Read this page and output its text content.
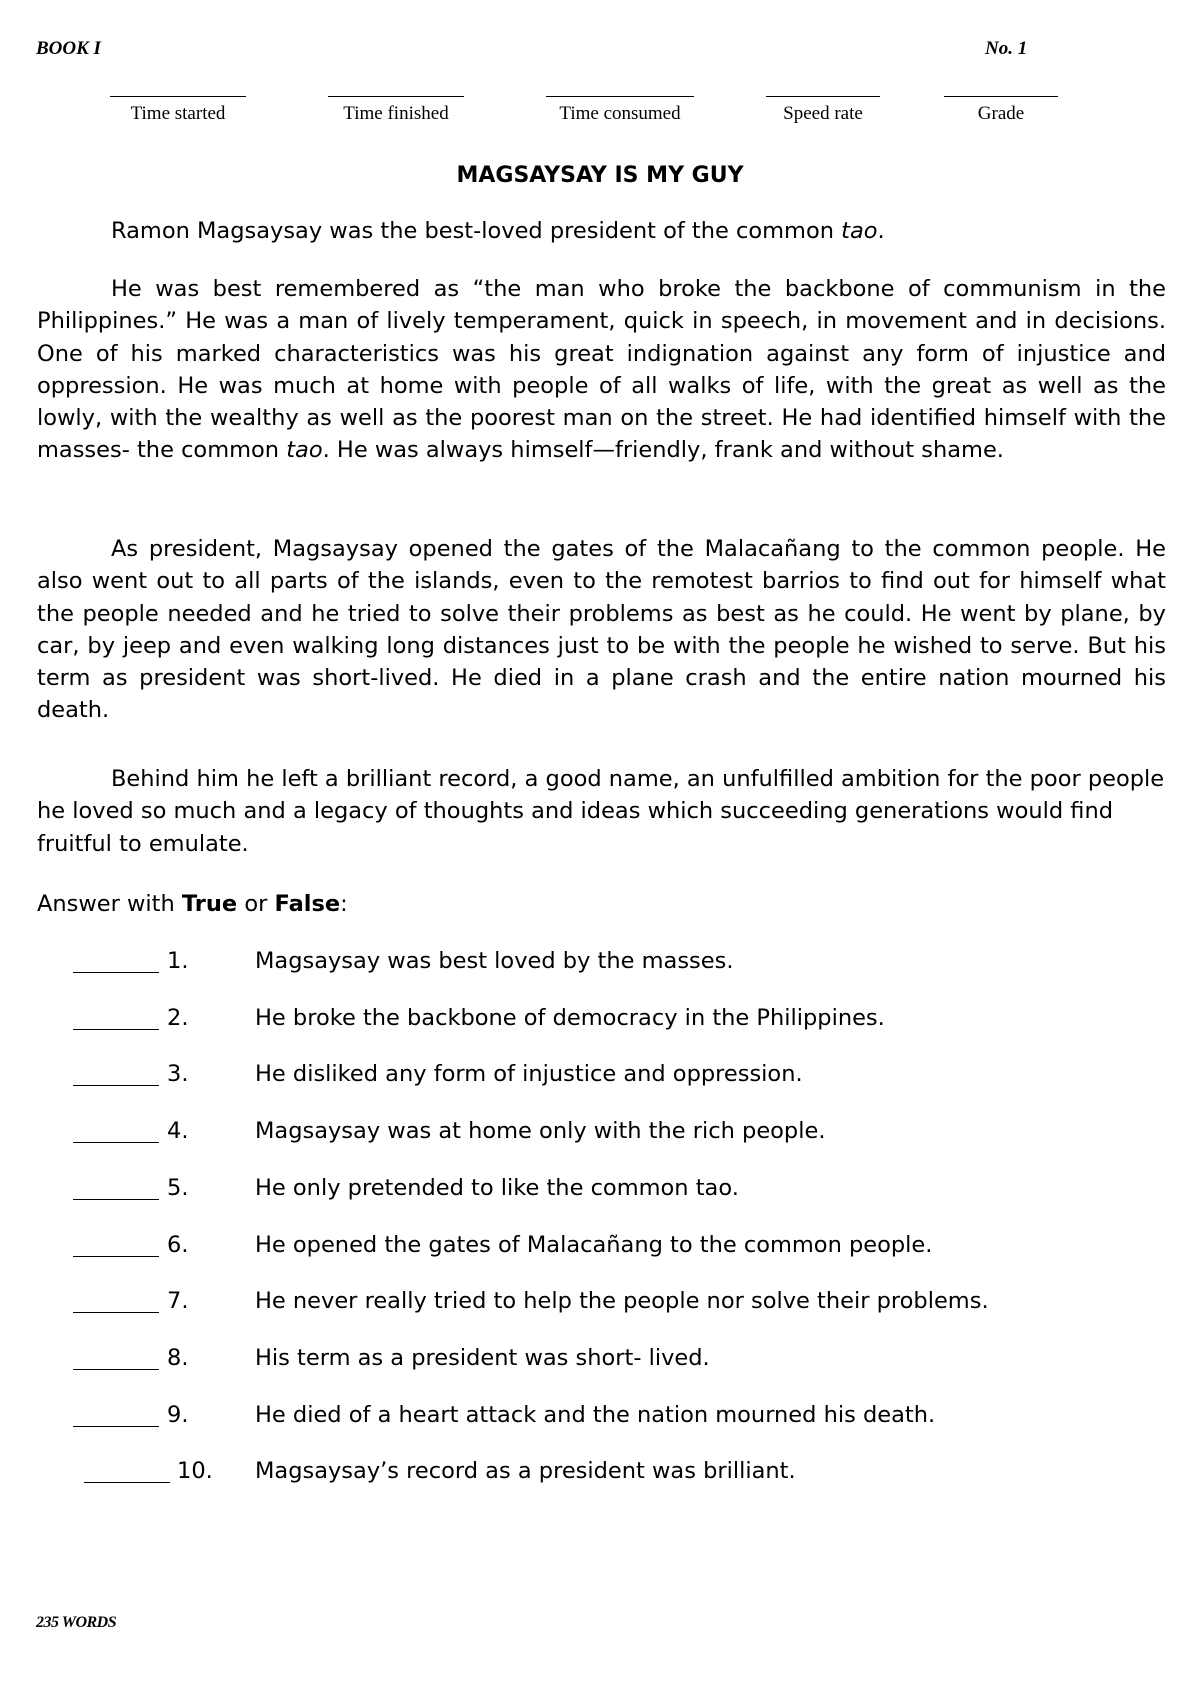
BOOK I	No. 1
Time started	Time finished	Time consumed	Speed rate	Grade
MAGSAYSAY IS MY GUY

Ramon Magsaysay was the best-loved president of the common tao.

He was best remembered as “the man who broke the backbone of communism in the Philippines.” He was a man of lively temperament, quick in speech, in movement and in decisions. One of his marked characteristics was his great indignation against any form of injustice and oppression. He was much at home with people of all walks of life, with the great as well as the lowly, with the wealthy as well as the poorest man on the street. He had identified himself with the masses- the common tao. He was always himself—friendly, frank and without shame.

As president, Magsaysay opened the gates of the Malacañang to the common people. He also went out to all parts of the islands, even to the remotest barrios to find out for himself what the people needed and he tried to solve their problems as best as he could. He went by plane, by car, by jeep and even walking long distances just to be with the people he wished to serve. But his term as president was short-lived. He died in a plane crash and the entire nation mourned his death.

Behind him he left a brilliant record, a good name, an unfulfilled ambition for the poor people he loved so much and a legacy of thoughts and ideas which succeeding generations would find fruitful to emulate.

Answer with True or False:
1.	Magsaysay was best loved by the masses.
2.	He broke the backbone of democracy in the Philippines.
3.	He disliked any form of injustice and oppression.
4.	Magsaysay was at home only with the rich people.
5.	He only pretended to like the common tao.
6.	He opened the gates of Malacañang to the common people.
7.	He never really tried to help the people nor solve their problems.
8.	His term as a president was short- lived.
9.	He died of a heart attack and the nation mourned his death.
10. Magsaysay’s record as a president was brilliant.
235 WORDS
